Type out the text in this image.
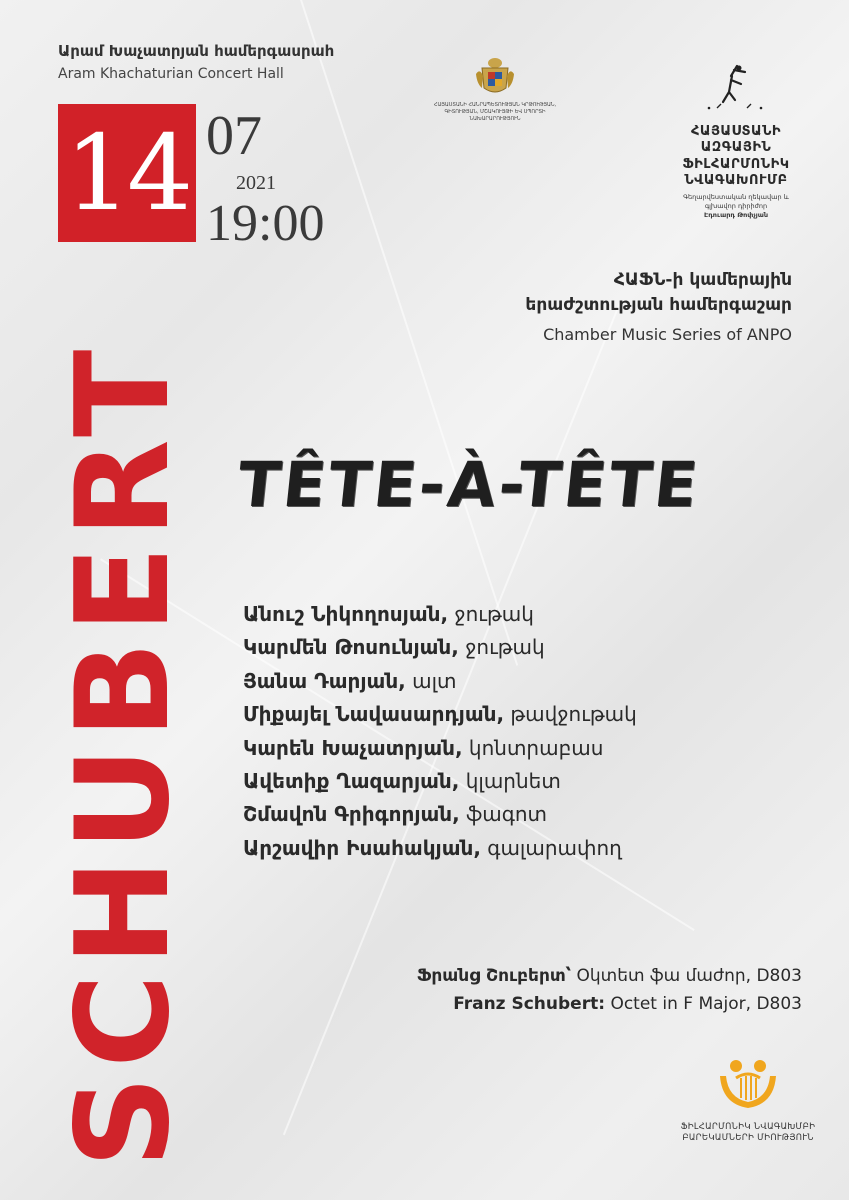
Արամ Խաչատրյան համերգասրահ
Aram Khachaturian Concert Hall
14 07
2021
19:00
ՀԱՅԱՍՏԱՆԻ ՀԱՆՐԱՊԵՏՈՒԹՅԱՆ ԿՐԹՈՒԹՅԱՆ, ԳԻՏՈՒԹՅԱՆ, ՄՇԱԿՈՒՅԹԻ ԵՎ ՍՊՈՐՏԻ ՆԱԽԱՐԱՐՈՒԹՅՈՒՆ
ՀԱՅԱՍՏԱՆԻ
ԱԶԳԱՅԻՆ
ՖԻԼՀԱՐՄՈՆԻԿ
ՆՎԱԳԱԽՈՒՄԲ
Գեղարվեստական ղեկավար և
գլխավոր դիրիժոր
Էդուարդ Թոփչյան
ՀԱՖՆ-ի կամերային
երաժշտության համերգաշար
Chamber Music Series of ANPO
TÊTE-À-TÊTE
SCHUBERT Անուշ Նիկողոսյան, ջութակ
Կարմեն Թոսունյան, ջութակ
Յանա Դարյան, ալտ
Միքայել Նավասարդյան, թավջութակ
Կարեն Խաչատրյան, կոնտրաբաս
Ավետիք Ղազարյան, կլարնետ
Շմավոն Գրիգորյան, ֆագոտ
Արշավիր Իսահակյան, գալարափող
Ֆրանց Շուբերտ՝ Օկտետ ֆա մաժոր, D803
Franz Schubert: Octet in F Major, D803
ՖԻԼՀԱՐՄՈՆԻԿ ՆՎԱԳԱԽՄԲԻ
ԲԱՐԵԿԱՄՆԵՐԻ ՄԻՈՒԹՅՈՒՆ
